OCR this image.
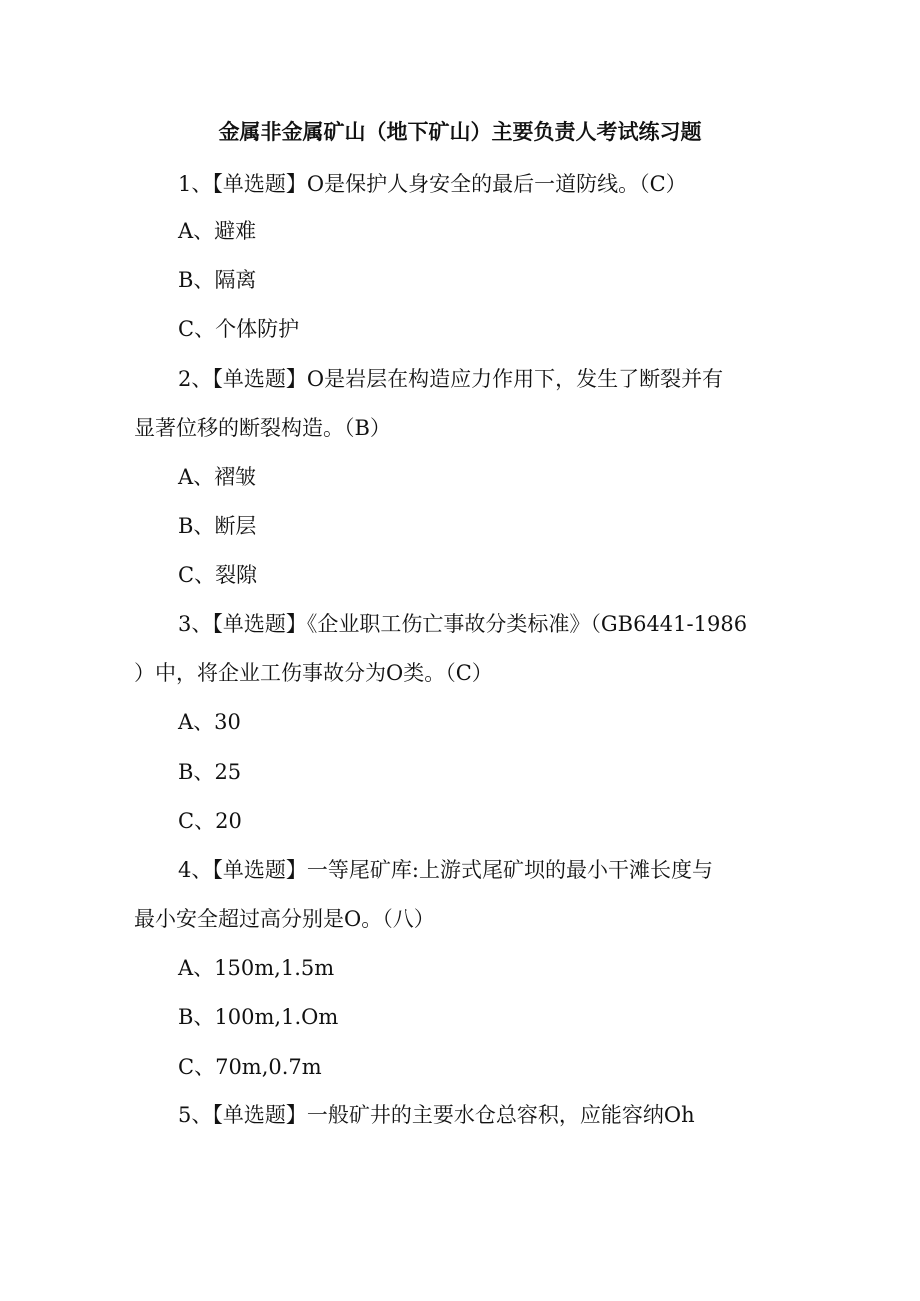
金属非金属矿山（地下矿山）主要负责人考试练习题
1、【单选题】O是保护人身安全的最后一道防线。（C）
A、避难
B、隔离
C、个体防护
2、【单选题】O是岩层在构造应力作用下，发生了断裂并有
显著位移的断裂构造。（B）
A、褶皱
B、断层
C、裂隙
3、【单选题】《企业职工伤亡事故分类标准》（GB6441-1986
）中，将企业工伤事故分为O类。（C）
A、30
B、25
C、20
4、【单选题】一等尾矿库:上游式尾矿坝的最小干滩长度与
最小安全超过高分别是O。（八）
A、150m,1.5m
B、100m,1.Om
C、70m,0.7m
5、【单选题】一般矿井的主要水仓总容积，应能容纳Oh
